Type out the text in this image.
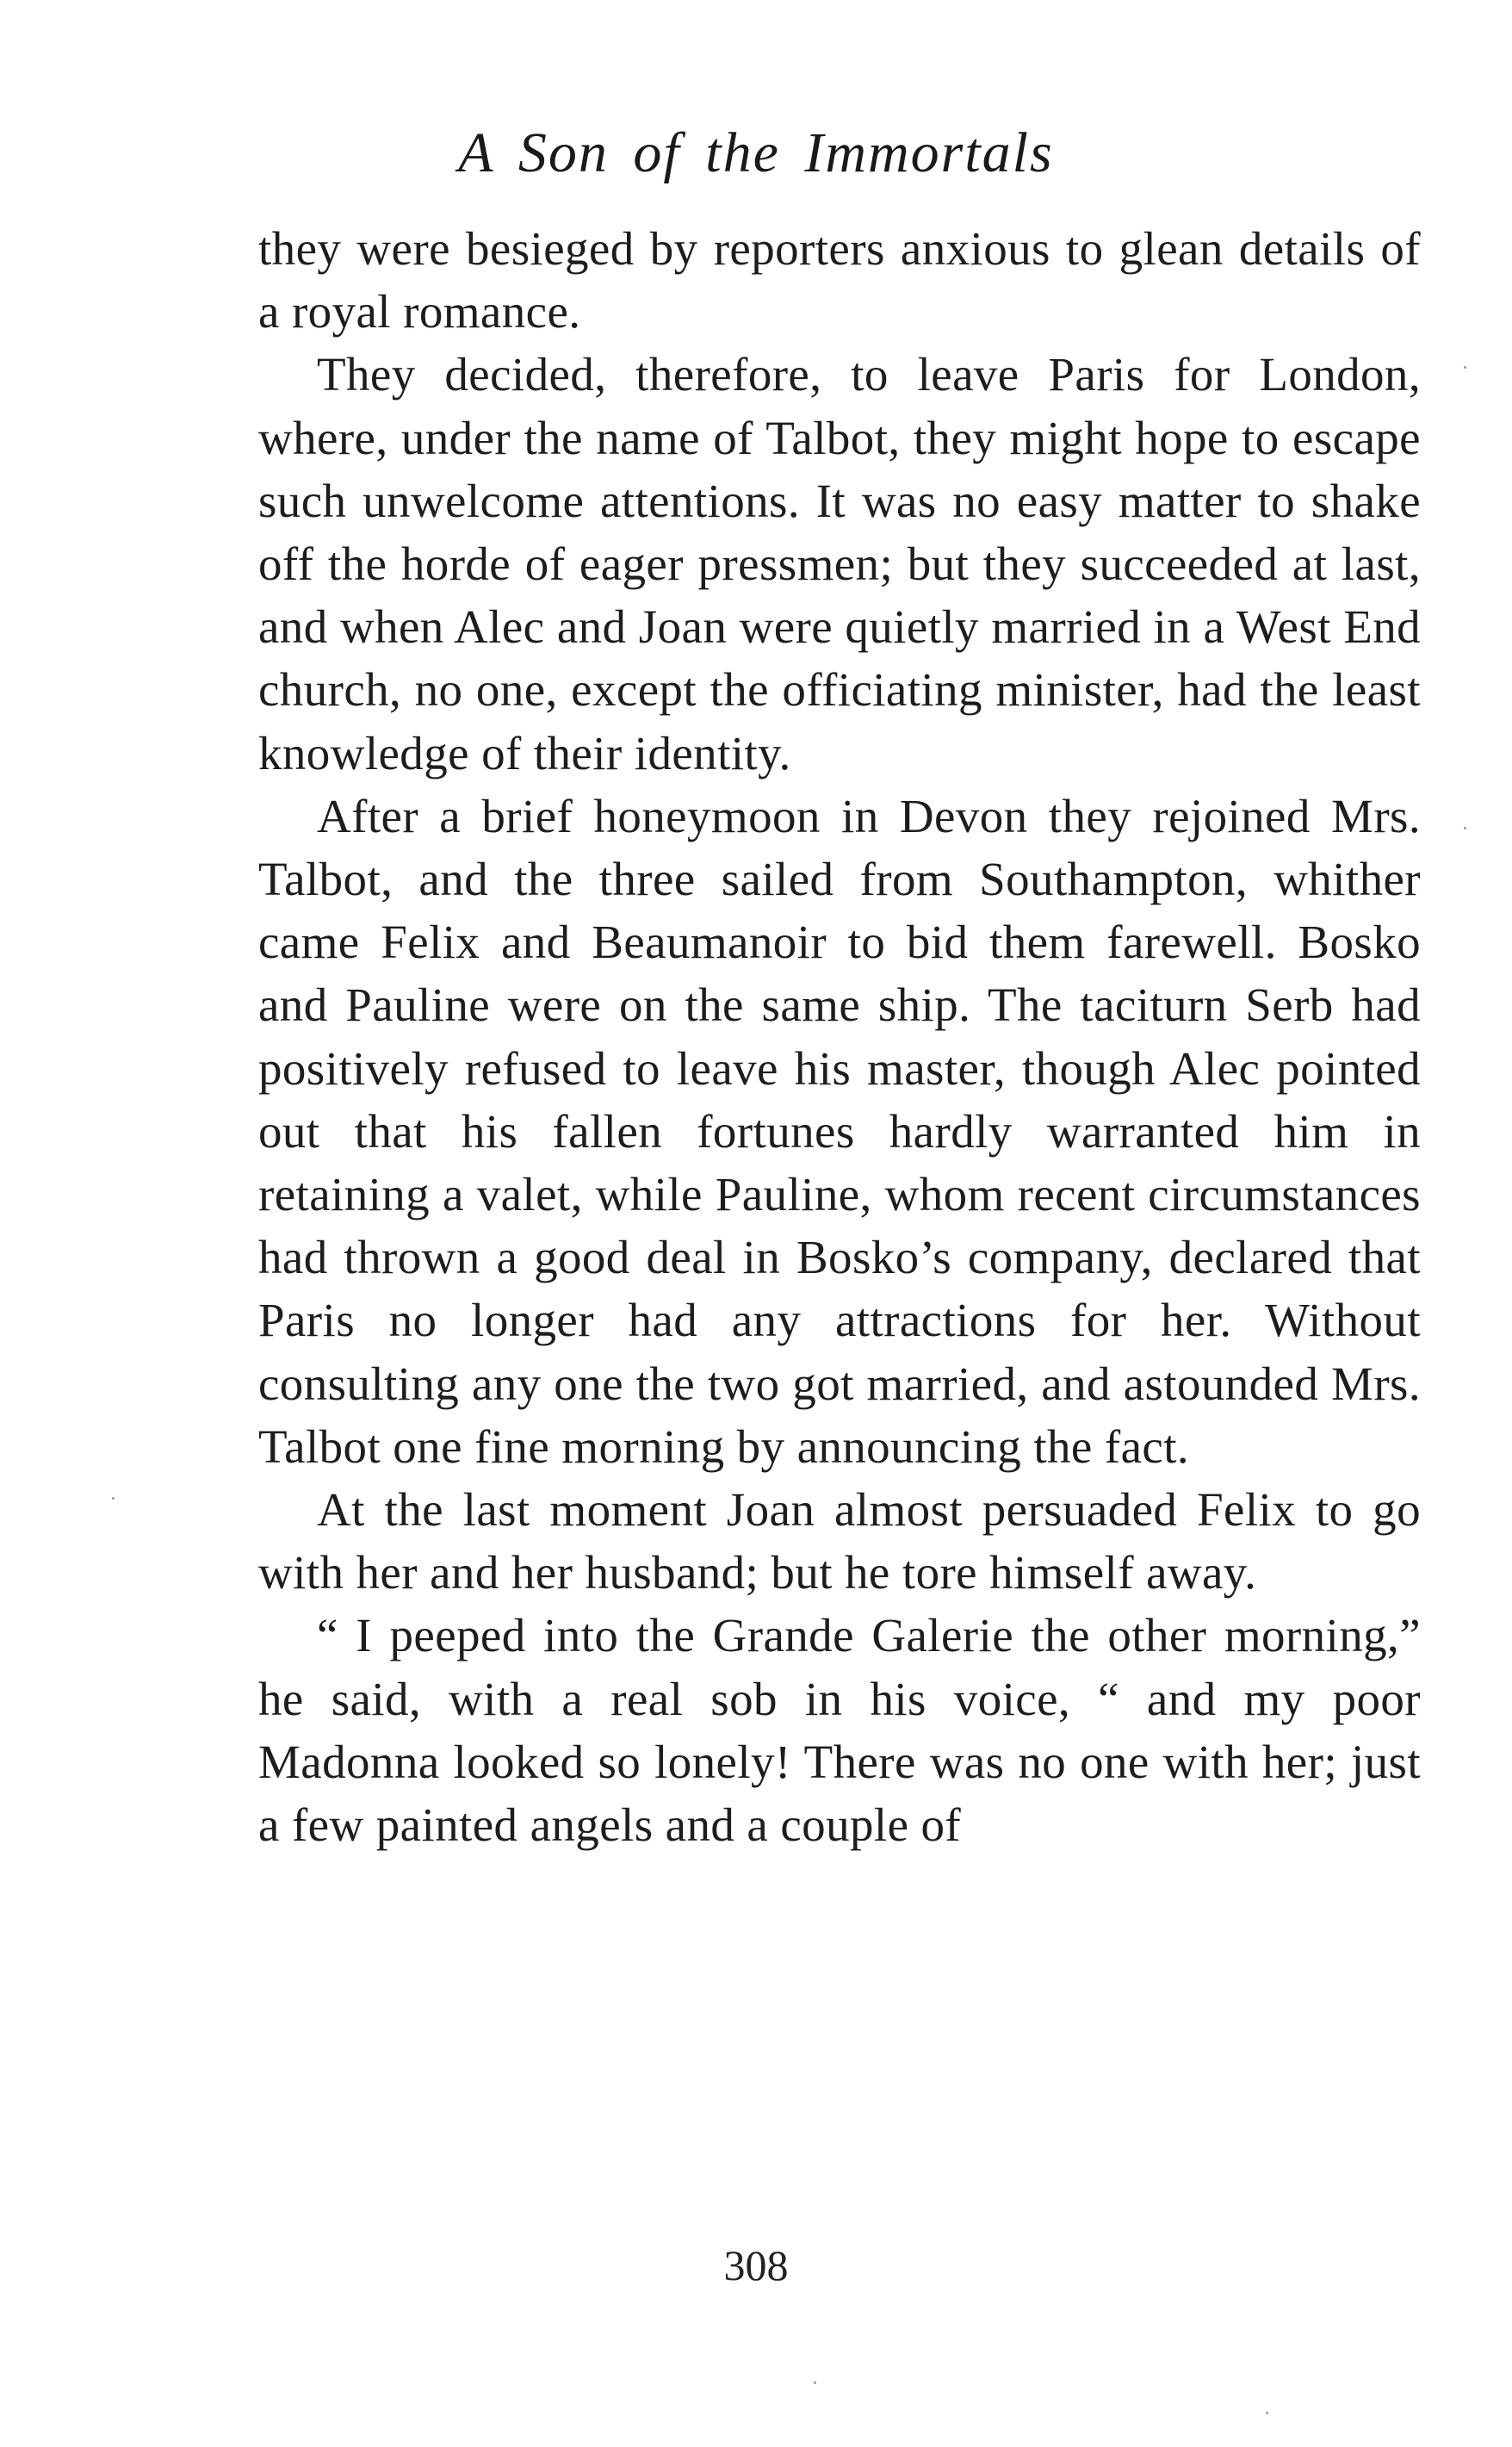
A Son of the Immortals

they were besieged by reporters anxious to glean details of a royal romance.

They decided, therefore, to leave Paris for London, where, under the name of Talbot, they might hope to escape such unwelcome attentions. It was no easy matter to shake off the horde of eager pressmen; but they succeeded at last, and when Alec and Joan were quietly married in a West End church, no one, except the officiating minister, had the least knowledge of their identity.

After a brief honeymoon in Devon they rejoined Mrs. Talbot, and the three sailed from Southampton, whither came Felix and Beaumanoir to bid them farewell. Bosko and Pauline were on the same ship. The taciturn Serb had positively refused to leave his master, though Alec pointed out that his fallen fortunes hardly warranted him in retaining a valet, while Pauline, whom recent circumstances had thrown a good deal in Bosko’s company, declared that Paris no longer had any attractions for her. Without consulting any one the two got married, and astounded Mrs. Talbot one fine morning by announcing the fact.

At the last moment Joan almost persuaded Felix to go with her and her husband; but he tore himself away.

“ I peeped into the Grande Galerie the other morning,” he said, with a real sob in his voice, “ and my poor Madonna looked so lonely! There was no one with her; just a few painted angels and a couple of

308
